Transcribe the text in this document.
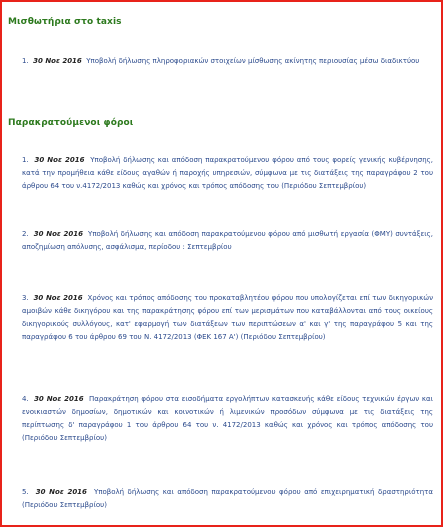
Μισθωτήρια στο taxis
1. 30 Νοε 2016 Υποβολή δήλωσης πληροφοριακών στοιχείων μίσθωσης ακίνητης περιουσίας μέσω διαδικτύου
Παρακρατούμενοι φόροι
1. 30 Νοε 2016 Υποβολή δήλωσης και απόδοση παρακρατούμενου φόρου από τους φορείς γενικής κυβέρνησης, κατά την προμήθεια κάθε είδους αγαθών ή παροχής υπηρεσιών, σύμφωνα με τις διατάξεις της παραγράφου 2 του άρθρου 64 του ν.4172/2013 καθώς και χρόνος και τρόπος απόδοσης του (Περιόδου Σεπτεμβρίου)
2. 30 Νοε 2016 Υποβολή δήλωσης και απόδοση παρακρατούμενου φόρου από μισθωτή εργασία (ΦΜΥ) συντάξεις, αποζημίωση απόλυσης, ασφάλισμα, περίοδου : Σεπτεμβρίου
3. 30 Νοε 2016 Χρόνος και τρόπος απόδοσης του προκαταβλητέου φόρου που υπολογίζεται επί των δικηγορικών αμοιβών κάθε δικηγόρου και της παρακράτησης φόρου επί των μερισμάτων που καταβάλλονται από τους οικείους δικηγορικούς συλλόγους, κατ' εφαρμογή των διατάξεων των περιπτώσεων α' και γ' της παραγράφου 5 και της παραγράφου 6 του άρθρου 69 του Ν. 4172/2013 (ΦΕΚ 167 Α') (Περιόδου Σεπτεμβρίου)
4. 30 Νοε 2016 Παρακράτηση φόρου στα εισοδήματα εργολήπτων κατασκευής κάθε είδους τεχνικών έργων και ενοικιαστών δημοσίων, δημοτικών και κοινοτικών ή λιμενικών προσόδων σύμφωνα με τις διατάξεις της περίπτωσης δ' παραγράφου 1 του άρθρου 64 του ν. 4172/2013 καθώς και χρόνος και τρόπος απόδοσης του (Περιόδου Σεπτεμβρίου)
5. 30 Νοε 2016 Υποβολή δήλωσης και απόδοση παρακρατούμενου φόρου από επιχειρηματική δραστηριότητα (Περιόδου Σεπτεμβρίου)
